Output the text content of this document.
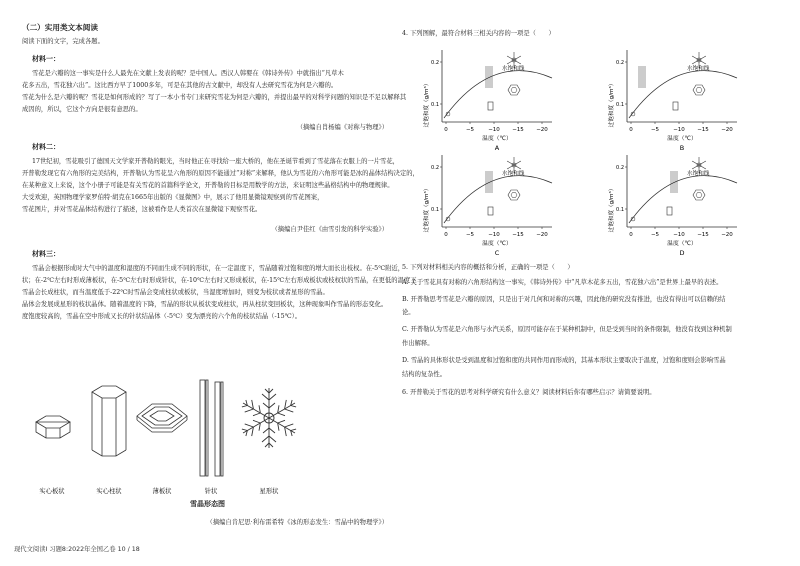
（二）实用类文本阅读
阅读下面的文字，完成各题。
材料一：
雪花是六瓣的这一事实是什么人最先在文献上发表的呢？是中国人。西汉人韩婴在《韩诗外传》中就指出“凡草木
花多五出，雪花独六出”。这比西方早了1000多年，可是在其他的古文献中，却没有人去研究雪花为何是六瓣的。
雪花为什么是六瓣的呢？雪花是如何形成的？写了一本小书专门来研究雪花为何是六瓣的，并提出最早的对科学问题的知识是不足以解释其
成因的，所以，它这个方向是很有意思的。
（摘编自肖杨编《对称与物理》）
材料二：
17世纪初，雪花吸引了德国天文学家开普勒的眼光，当时他正在寻找给一座大桥的，他在圣诞节看到了雪花落在衣服上的一片雪花，
开普勒发现它有六角形的完美结构，开普勒认为雪花呈六角形的原因不能通过“对称”来解释，他认为雪花的六角形可能是冰的晶体结构决定的，
在某种意义上来说，这个小册子可能是有关雪花的首篇科学论文，开普勒的目标是用数学的方法，来证明这些晶格结构中的物理规律。
大受欢迎，英国物理学家罗伯特·胡克在1665年出版的《显微图》中，展示了他用显微镜观察到的雪花图案，
雪花图片，并对雪花晶体结构进行了描述，这被看作是人类首次在显微镜下观察雪花。
（摘编自尹佳红《由雪引发的科学实验》）
材料三：
雪晶会根据形成时大气中的温度和湿度的不同而生成不同的形状，在一定温度下，雪晶随着过饱和度的增大而长出枝杈。在-5℃附近，
状；在-2℃左右时形成薄板状，在-5℃左右时形成针状，在-10℃左右时又形成板状，在-15℃左右形成板状或枝杈状的雪晶，在更低的温度下
雪晶会长成柱状，而当温度低于-22℃时雪晶会变成柱状或板状，当湿度增加时，则变为枝状或者星形的雪晶。
晶体会发展成星形的枝状晶体。随着温度的下降，雪晶的形状从板状变成柱状，再从柱状变回板状，这种现象叫作雪晶的形态变化。
度饱度较高的，雪晶在空中形成又长的针状结晶体（-5℃）变为漂亮的六个角的枝状结晶（-15℃）。
实心板状	实心柱状	薄板状	针状	星形状
雪晶形态图
（摘编自肯尼思·利布雷希特《冰的形态发生：雪晶中的物理学》）
4. 下列图解，最符合材料三相关内容的一项是（　　）
0	−5	−10 −15 −20
0.2
0.1
过饱和度（g/m³）
温度（℃）
A
水饱和线
0	−5	−10 −15 −20
0.2
0.1
过饱和度（g/m³）
温度（℃）
B
水饱和线
0	−5	−10 −15 −20
0.2
0.1
过饱和度（g/m³）
温度（℃）
C
水饱和线
0	−5	−10 −15 −20
0.2
0.1
过饱和度（g/m³）
温度（℃）
D
水饱和线
5. 下列对材料相关内容的概括和分析，正确的一项是（　　）
A. 关于雪花具有对称的六角形结构这一事实，《韩诗外传》中“凡草木花多五出，雪花独六出”是世界上最早的表述。
B. 开普勒思考雪花是六瓣的原因，只是出于对几何和对称的兴趣，因此他的研究没有推进，也没有得出可以信赖的结
论。
C. 开普勒认为雪花是六角形与水汽关系，原因可能存在于某种机制中，但是受到当时的条件限制，他没有找到这种机制
作出解释。
D. 雪晶的具体形状是受到温度和过饱和度的共同作用而形成的，其基本形状主要取决于温度，过饱和度则会影响雪晶
结构的复杂性。
6. 开普勒关于雪花的思考对科学研究有什么意义？阅读材料后你有哪些启示？请简要说明。
现代文阅读Ⅰ 习题8:2022年全国乙卷 10 / 18
